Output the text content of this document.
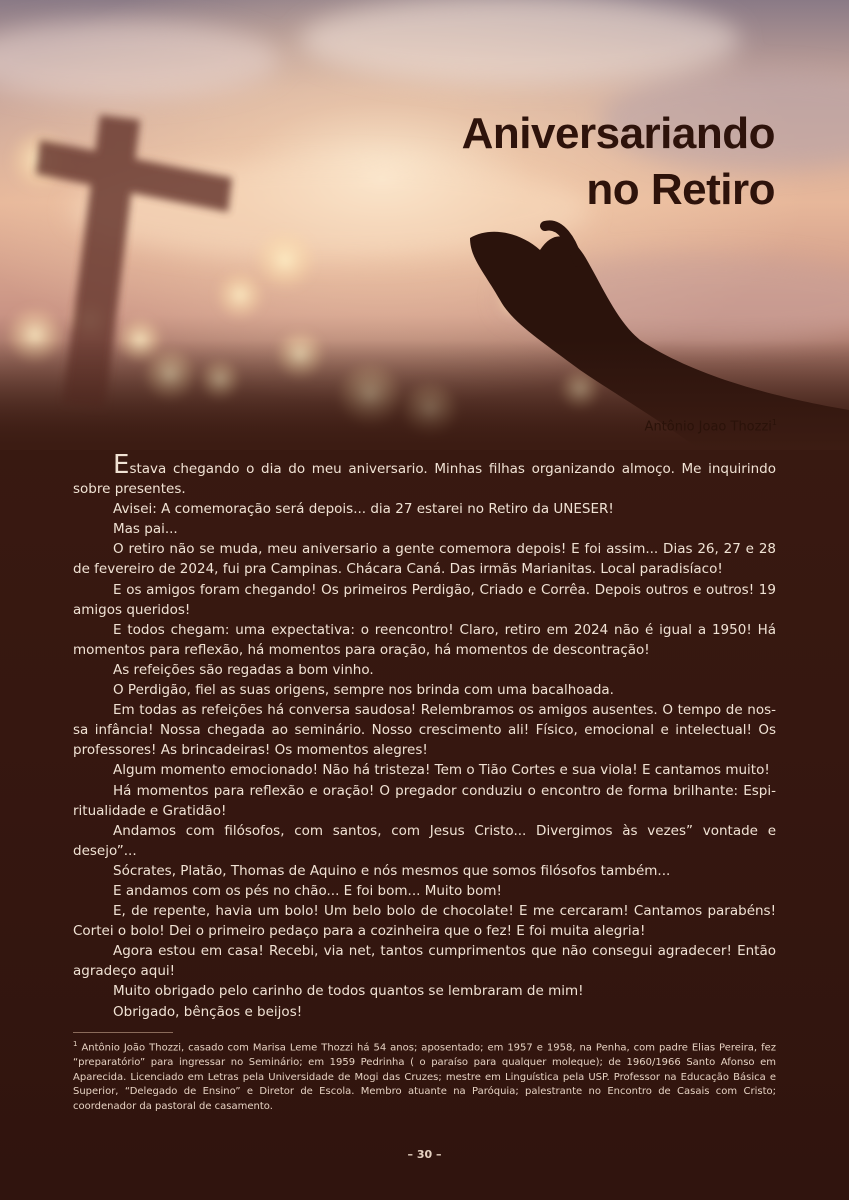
Aniversariando
no Retiro
Antônio Joao Thozzi$^1$

Estava chegando o dia do meu aniversario. Minhas filhas organizando almoço. Me inquirindo sobre presentes.

Avisei: A comemoração será depois... dia 27 estarei no Retiro da UNESER!

Mas pai...

O retiro não se muda, meu aniversario a gente comemora depois! E foi assim... Dias 26, 27 e 28 de fevereiro de 2024, fui pra Campinas. Chácara Caná. Das irmãs Marianitas. Local paradisíaco!

E os amigos foram chegando! Os primeiros Perdigão, Criado e Corrêa. Depois outros e outros! 19 amigos queridos!

E todos chegam: uma expectativa: o reencontro! Claro, retiro em 2024 não é igual a 1950! Há momentos para reflexão, há momentos para oração, há momentos de descontração!

As refeições são regadas a bom vinho.

O Perdigão, fiel as suas origens, sempre nos brinda com uma bacalhoada.

Em todas as refeições há conversa saudosa! Relembramos os amigos ausentes. O tempo de nos-sa infância! Nossa chegada ao seminário. Nosso crescimento ali! Físico, emocional e intelectual! Os professores! As brincadeiras! Os momentos alegres!

Algum momento emocionado! Não há tristeza! Tem o Tião Cortes e sua viola! E cantamos muito!

Há momentos para reflexão e oração! O pregador conduziu o encontro de forma brilhante: Espi-ritualidade e Gratidão!

Andamos com filósofos, com santos, com Jesus Cristo... Divergimos às vezes” vontade e desejo”...

Sócrates, Platão, Thomas de Aquino e nós mesmos que somos filósofos também...

E andamos com os pés no chão... E foi bom... Muito bom!

E, de repente, havia um bolo! Um belo bolo de chocolate! E me cercaram! Cantamos parabéns! Cortei o bolo! Dei o primeiro pedaço para a cozinheira que o fez! E foi muita alegria!

Agora estou em casa! Recebi, via net, tantos cumprimentos que não consegui agradecer! Então agradeço aqui!

Muito obrigado pelo carinho de todos quantos se lembraram de mim!

Obrigado, bênçãos e beijos!

$^1$ Antônio João Thozzi, casado com Marisa Leme Thozzi há 54 anos; aposentado; em 1957 e 1958, na Penha, com padre Elias Pereira, fez “preparatório” para ingressar no Seminário; em 1959 Pedrinha ( o paraíso para qualquer moleque); de 1960/1966 Santo Afonso em Aparecida. Licenciado em Letras pela Universidade de Mogi das Cruzes; mestre em Linguística pela USP. Professor na Educação Básica e Superior, “Delegado de Ensino” e Diretor de Escola. Membro atuante na Paróquia; palestrante no Encontro de Casais com Cristo; coordenador da pastoral de casamento.
– 30 –
